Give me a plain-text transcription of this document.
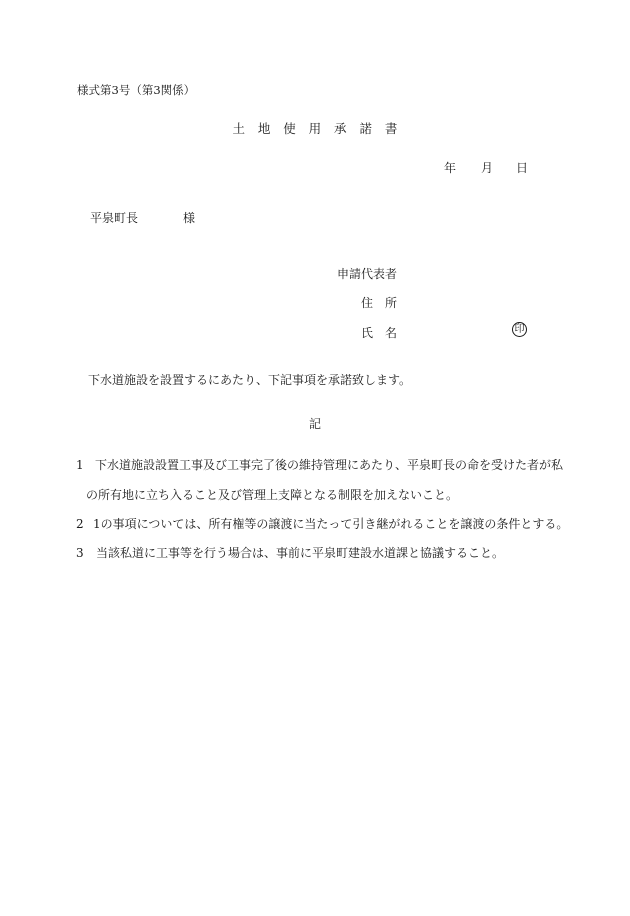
様式第3号（第3関係）
土　地　使　用　承　諾　書
年 月 日
平泉町長	様
申請代表者
住　所
氏　名	印
下水道施設を設置するにあたり、下記事項を承諾致します。
記
1 下水道施設設置工事及び工事完了後の維持管理にあたり、平泉町長の命を受けた者が私
の所有地に立ち入ること及び管理上支障となる制限を加えないこと。
2 1の事項については、所有権等の譲渡に当たって引き継がれることを譲渡の条件とする。
3 当該私道に工事等を行う場合は、事前に平泉町建設水道課と協議すること。
